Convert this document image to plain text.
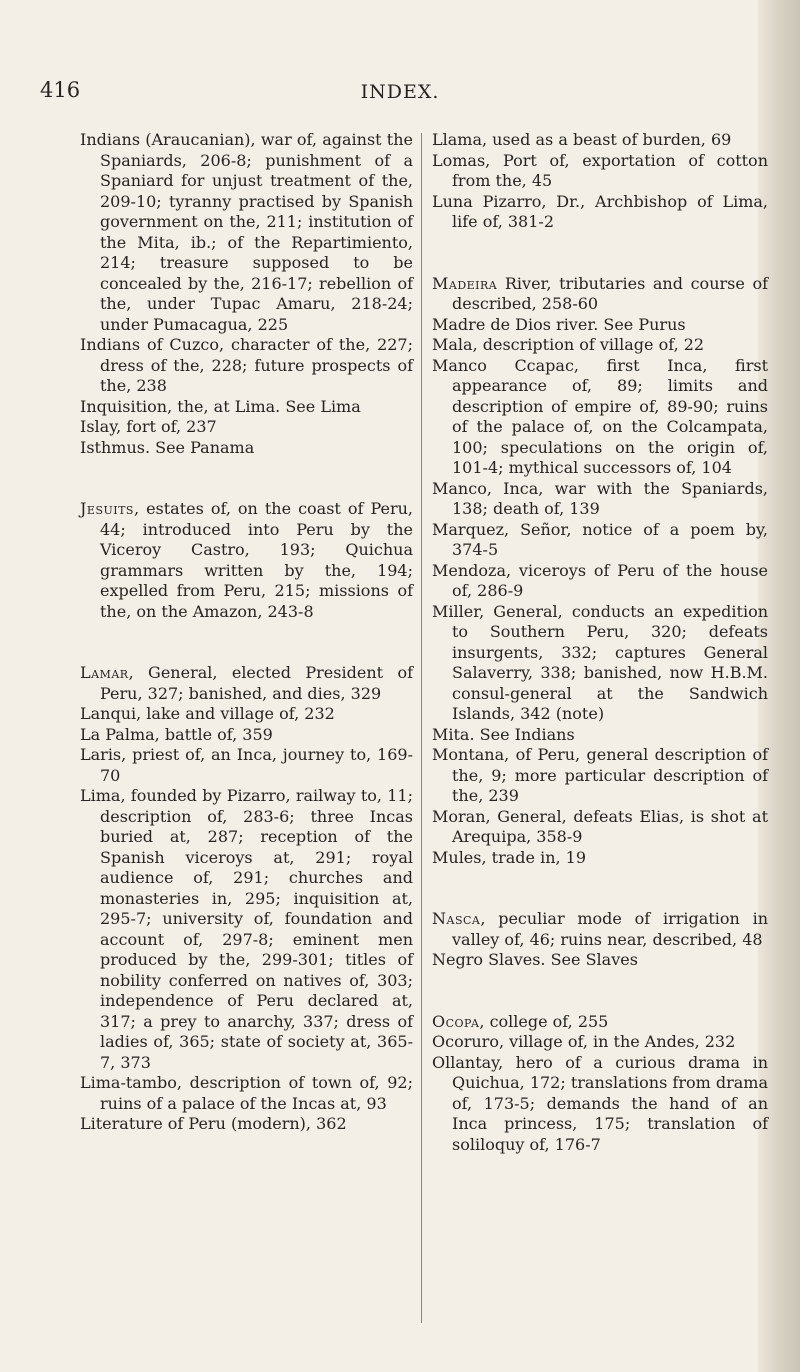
416	INDEX.

Indians (Araucanian), war of, against the Spaniards, 206-8; punishment of a Spaniard for unjust treatment of the, 209-10; tyranny practised by Spanish government on the, 211; institution of the Mita, ib.; of the Repartimiento, 214; treasure supposed to be concealed by the, 216-17; rebellion of the, under Tupac Amaru, 218-24; under Pumacagua, 225

Indians of Cuzco, character of the, 227; dress of the, 228; future prospects of the, 238

Inquisition, the, at Lima. See Lima

Islay, fort of, 237

Isthmus. See Panama

Jesuits, estates of, on the coast of Peru, 44; introduced into Peru by the Viceroy Castro, 193; Quichua grammars written by the, 194; expelled from Peru, 215; missions of the, on the Amazon, 243-8

Lamar, General, elected President of Peru, 327; banished, and dies, 329

Lanqui, lake and village of, 232

La Palma, battle of, 359

Laris, priest of, an Inca, journey to, 169-70

Lima, founded by Pizarro, railway to, 11; description of, 283-6; three Incas buried at, 287; reception of the Spanish viceroys at, 291; royal audience of, 291; churches and monasteries in, 295; inquisition at, 295-7; university of, foundation and account of, 297-8; eminent men produced by the, 299-301; titles of nobility conferred on natives of, 303; independence of Peru declared at, 317; a prey to anarchy, 337; dress of ladies of, 365; state of society at, 365-7, 373

Lima-tambo, description of town of, 92; ruins of a palace of the Incas at, 93

Literature of Peru (modern), 362

Llama, used as a beast of burden, 69

Lomas, Port of, exportation of cotton from the, 45

Luna Pizarro, Dr., Archbishop of Lima, life of, 381-2

Madeira River, tributaries and course of described, 258-60

Madre de Dios river. See Purus

Mala, description of village of, 22

Manco Ccapac, first Inca, first appearance of, 89; limits and description of empire of, 89-90; ruins of the palace of, on the Colcampata, 100; speculations on the origin of, 101-4; mythical successors of, 104

Manco, Inca, war with the Spaniards, 138; death of, 139

Marquez, Señor, notice of a poem by, 374-5

Mendoza, viceroys of Peru of the house of, 286-9

Miller, General, conducts an expedition to Southern Peru, 320; defeats insurgents, 332; captures General Salaverry, 338; banished, now H.B.M. consul-general at the Sandwich Islands, 342 (note)

Mita. See Indians

Montana, of Peru, general description of the, 9; more particular description of the, 239

Moran, General, defeats Elias, is shot at Arequipa, 358-9

Mules, trade in, 19

Nasca, peculiar mode of irrigation in valley of, 46; ruins near, described, 48

Negro Slaves. See Slaves

Ocopa, college of, 255

Ocoruro, village of, in the Andes, 232

Ollantay, hero of a curious drama in Quichua, 172; translations from drama of, 173-5; demands the hand of an Inca princess, 175; translation of soliloquy of, 176-7
